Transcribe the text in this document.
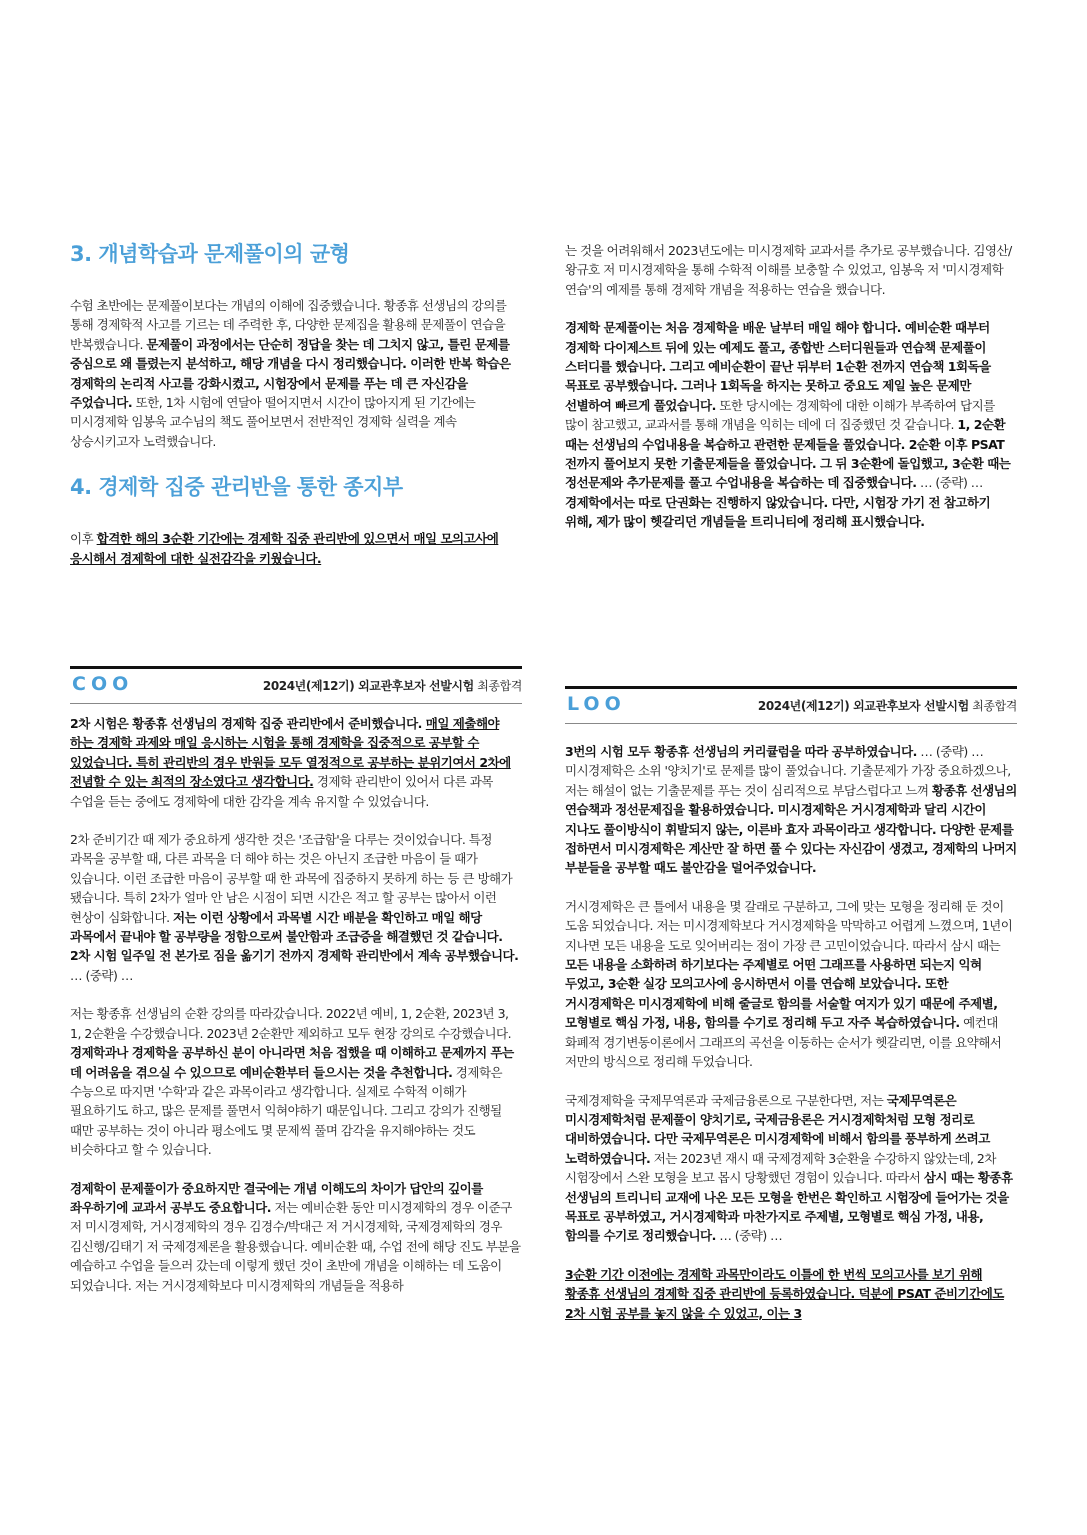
3. 개념학습과 문제풀이의 균형

수험 초반에는 문제풀이보다는 개념의 이해에 집중했습니다. 황종휴 선생님의 강의를 통해 경제학적 사고를 기르는 데 주력한 후, 다양한 문제집을 활용해 문제풀이 연습을 반복했습니다. 문제풀이 과정에서는 단순히 정답을 찾는 데 그치지 않고, 틀린 문제를 중심으로 왜 틀렸는지 분석하고, 해당 개념을 다시 정리했습니다. 이러한 반복 학습은 경제학의 논리적 사고를 강화시켰고, 시험장에서 문제를 푸는 데 큰 자신감을 주었습니다. 또한, 1차 시험에 연달아 떨어지면서 시간이 많아지게 된 기간에는 미시경제학 임봉욱 교수님의 책도 풀어보면서 전반적인 경제학 실력을 계속 상승시키고자 노력했습니다.

4. 경제학 집중 관리반을 통한 종지부

이후 합격한 해의 3순환 기간에는 경제학 집중 관리반에 있으면서 매일 모의고사에 응시해서 경제학에 대한 실전감각을 키웠습니다.

는 것을 어려워해서 2023년도에는 미시경제학 교과서를 추가로 공부했습니다. 김영산/왕규호 저 미시경제학을 통해 수학적 이해를 보충할 수 있었고, 임봉욱 저 '미시경제학 연습'의 예제를 통해 경제학 개념을 적용하는 연습을 했습니다.

경제학 문제풀이는 처음 경제학을 배운 날부터 매일 해야 합니다. 예비순환 때부터 경제학 다이제스트 뒤에 있는 예제도 풀고, 종합반 스터디원들과 연습책 문제풀이 스터디를 했습니다. 그리고 예비순환이 끝난 뒤부터 1순환 전까지 연습책 1회독을 목표로 공부했습니다. 그러나 1회독을 하지는 못하고 중요도 제일 높은 문제만 선별하여 빠르게 풀었습니다. 또한 당시에는 경제학에 대한 이해가 부족하여 답지를 많이 참고했고, 교과서를 통해 개념을 익히는 데에 더 집중했던 것 같습니다. 1, 2순환 때는 선생님의 수업내용을 복습하고 관련한 문제들을 풀었습니다. 2순환 이후 PSAT 전까지 풀어보지 못한 기출문제들을 풀었습니다. 그 뒤 3순환에 돌입했고, 3순환 때는 정선문제와 추가문제를 풀고 수업내용을 복습하는 데 집중했습니다. … (중략) … 경제학에서는 따로 단권화는 진행하지 않았습니다. 다만, 시험장 가기 전 참고하기 위해, 제가 많이 헷갈리던 개념들을 트리니티에 정리해 표시했습니다.

COO	2024년(제12기) 외교관후보자 선발시험 최종합격

2차 시험은 황종휴 선생님의 경제학 집중 관리반에서 준비했습니다. 매일 제출해야 하는 경제학 과제와 매일 응시하는 시험을 통해 경제학을 집중적으로 공부할 수 있었습니다. 특히 관리반의 경우 반원들 모두 열정적으로 공부하는 분위기여서 2차에 전념할 수 있는 최적의 장소였다고 생각합니다. 경제학 관리반이 있어서 다른 과목 수업을 듣는 중에도 경제학에 대한 감각을 계속 유지할 수 있었습니다.

2차 준비기간 때 제가 중요하게 생각한 것은 '조급함'을 다루는 것이었습니다. 특정 과목을 공부할 때, 다른 과목을 더 해야 하는 것은 아닌지 조급한 마음이 들 때가 있습니다. 이런 조급한 마음이 공부할 때 한 과목에 집중하지 못하게 하는 등 큰 방해가 됐습니다. 특히 2차가 얼마 안 남은 시점이 되면 시간은 적고 할 공부는 많아서 이런 현상이 심화합니다. 저는 이런 상황에서 과목별 시간 배분을 확인하고 매일 해당 과목에서 끝내야 할 공부량을 정함으로써 불안함과 조급증을 해결했던 것 같습니다. 2차 시험 일주일 전 본가로 짐을 옮기기 전까지 경제학 관리반에서 계속 공부했습니다. … (중략) …

저는 황종휴 선생님의 순환 강의를 따라갔습니다. 2022년 예비, 1, 2순환, 2023년 3, 1, 2순환을 수강했습니다. 2023년 2순환만 제외하고 모두 현장 강의로 수강했습니다. 경제학과나 경제학을 공부하신 분이 아니라면 처음 접했을 때 이해하고 문제까지 푸는 데 어려움을 겪으실 수 있으므로 예비순환부터 들으시는 것을 추천합니다. 경제학은 수능으로 따지면 '수학'과 같은 과목이라고 생각합니다. 실제로 수학적 이해가 필요하기도 하고, 많은 문제를 풀면서 익혀야하기 때문입니다. 그리고 강의가 진행될 때만 공부하는 것이 아니라 평소에도 몇 문제씩 풀며 감각을 유지해야하는 것도 비슷하다고 할 수 있습니다.

경제학이 문제풀이가 중요하지만 결국에는 개념 이해도의 차이가 답안의 깊이를 좌우하기에 교과서 공부도 중요합니다. 저는 예비순환 동안 미시경제학의 경우 이준구 저 미시경제학, 거시경제학의 경우 김경수/박대근 저 거시경제학, 국제경제학의 경우 김신행/김태기 저 국제경제론을 활용했습니다. 예비순환 때, 수업 전에 해당 진도 부분을 예습하고 수업을 들으러 갔는데 이렇게 했던 것이 초반에 개념을 이해하는 데 도움이 되었습니다. 저는 거시경제학보다 미시경제학의 개념들을 적용하

LOO	2024년(제12기) 외교관후보자 선발시험 최종합격

3번의 시험 모두 황종휴 선생님의 커리큘럼을 따라 공부하였습니다. … (중략) … 미시경제학은 소위 '양치기'로 문제를 많이 풀었습니다. 기출문제가 가장 중요하겠으나, 저는 해설이 없는 기출문제를 푸는 것이 심리적으로 부담스럽다고 느껴 황종휴 선생님의 연습책과 정선문제집을 활용하였습니다. 미시경제학은 거시경제학과 달리 시간이 지나도 풀이방식이 휘발되지 않는, 이른바 효자 과목이라고 생각합니다. 다양한 문제를 접하면서 미시경제학은 계산만 잘 하면 풀 수 있다는 자신감이 생겼고, 경제학의 나머지 부분들을 공부할 때도 불안감을 덜어주었습니다.

거시경제학은 큰 틀에서 내용을 몇 갈래로 구분하고, 그에 맞는 모형을 정리해 둔 것이 도움 되었습니다. 저는 미시경제학보다 거시경제학을 막막하고 어렵게 느꼈으며, 1년이 지나면 모든 내용을 도로 잊어버리는 점이 가장 큰 고민이었습니다. 따라서 삼시 때는 모든 내용을 소화하려 하기보다는 주제별로 어떤 그래프를 사용하면 되는지 익혀 두었고, 3순환 실강 모의고사에 응시하면서 이를 연습해 보았습니다. 또한 거시경제학은 미시경제학에 비해 줄글로 함의를 서술할 여지가 있기 때문에 주제별, 모형별로 핵심 가정, 내용, 함의를 수기로 정리해 두고 자주 복습하였습니다. 예컨대 화폐적 경기변동이론에서 그래프의 곡선을 이동하는 순서가 헷갈리면, 이를 요약해서 저만의 방식으로 정리해 두었습니다.

국제경제학을 국제무역론과 국제금융론으로 구분한다면, 저는 국제무역론은 미시경제학처럼 문제풀이 양치기로, 국제금융론은 거시경제학처럼 모형 정리로 대비하였습니다. 다만 국제무역론은 미시경제학에 비해서 함의를 풍부하게 쓰려고 노력하였습니다. 저는 2023년 재시 때 국제경제학 3순환을 수강하지 않았는데, 2차 시험장에서 스완 모형을 보고 몹시 당황했던 경험이 있습니다. 따라서 삼시 때는 황종휴 선생님의 트리니티 교재에 나온 모든 모형을 한번은 확인하고 시험장에 들어가는 것을 목표로 공부하였고, 거시경제학과 마찬가지로 주제별, 모형별로 핵심 가정, 내용, 함의를 수기로 정리했습니다. … (중략) …

3순환 기간 이전에는 경제학 과목만이라도 이틀에 한 번씩 모의고사를 보기 위해 황종휴 선생님의 경제학 집중 관리반에 등록하였습니다. 덕분에 PSAT 준비기간에도 2차 시험 공부를 놓지 않을 수 있었고, 이는 3
